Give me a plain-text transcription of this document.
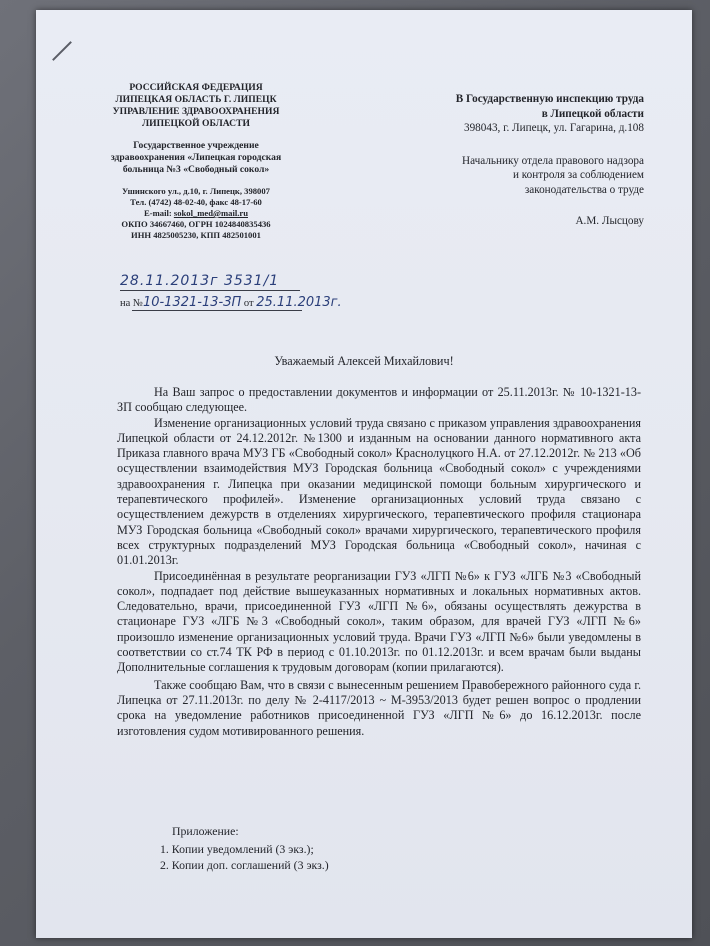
РОССИЙСКАЯ ФЕДЕРАЦИЯ
ЛИПЕЦКАЯ ОБЛАСТЬ Г. ЛИПЕЦК
УПРАВЛЕНИЕ ЗДРАВООХРАНЕНИЯ
ЛИПЕЦКОЙ ОБЛАСТИ
Государственное учреждение
здравоохранения «Липецкая городская
больница №3 «Свободный сокол»
Ушинского ул., д.10, г. Липецк, 398007
Тел. (4742) 48-02-40, факс 48-17-60
E-mail: sokol_med@mail.ru
ОКПО 34667460, ОГРН 1024840835436
ИНН 4825005230, КПП 482501001
В Государственную инспекцию труда
в Липецкой области
398043, г. Липецк, ул. Гагарина, д.108
Начальнику отдела правового надзора
и контроля за соблюдением
законодательства о труде
А.М. Лысцову
28.11.2013г 3531/1
на №10-1321-13-ЗП от 25.11.2013г.
Уважаемый Алексей Михайлович!

На Ваш запрос о предоставлении документов и информации от 25.11.2013г. № 10-1321-13-ЗП сообщаю следующее.

Изменение организационных условий труда связано с приказом управления здравоохранения Липецкой области от 24.12.2012г. №1300 и изданным на основании данного нормативного акта Приказа главного врача МУЗ ГБ «Свободный сокол» Краснолуцкого Н.А. от 27.12.2012г. № 213 «Об осуществлении взаимодействия МУЗ Городская больница «Свободный сокол» с учреждениями здравоохранения г. Липецка при оказании медицинской помощи больным хирургического и терапевтического профилей». Изменение организационных условий труда связано с осуществлением дежурств в отделениях хирургического, терапевтического профиля стационара МУЗ Городская больница «Свободный сокол» врачами хирургического, терапевтического профиля всех структурных подразделений МУЗ Городская больница «Свободный сокол», начиная с 01.01.2013г.

Присоединённая в результате реорганизации ГУЗ «ЛГП №6» к ГУЗ «ЛГБ №3 «Свободный сокол», подпадает под действие вышеуказанных нормативных и локальных нормативных актов. Следовательно, врачи, присоединенной ГУЗ «ЛГП №6», обязаны осуществлять дежурства в стационаре ГУЗ «ЛГБ №3 «Свободный сокол», таким образом, для врачей ГУЗ «ЛГП №6» произошло изменение организационных условий труда. Врачи ГУЗ «ЛГП №6» были уведомлены в соответствии со ст.74 ТК РФ в период с 01.10.2013г. по 01.12.2013г. и всем врачам были выданы Дополнительные соглашения к трудовым договорам (копии прилагаются).

Также сообщаю Вам, что в связи с вынесенным решением Правобережного районного суда г. Липецка от 27.11.2013г. по делу № 2-4117/2013 ~ М-3953/2013 будет решен вопрос о продлении срока на уведомление работников присоединенной ГУЗ «ЛГП №6» до 16.12.2013г. после изготовления судом мотивированного решения.

Приложение:
1. Копии уведомлений (3 экз.);
2. Копии доп. соглашений (3 экз.)
